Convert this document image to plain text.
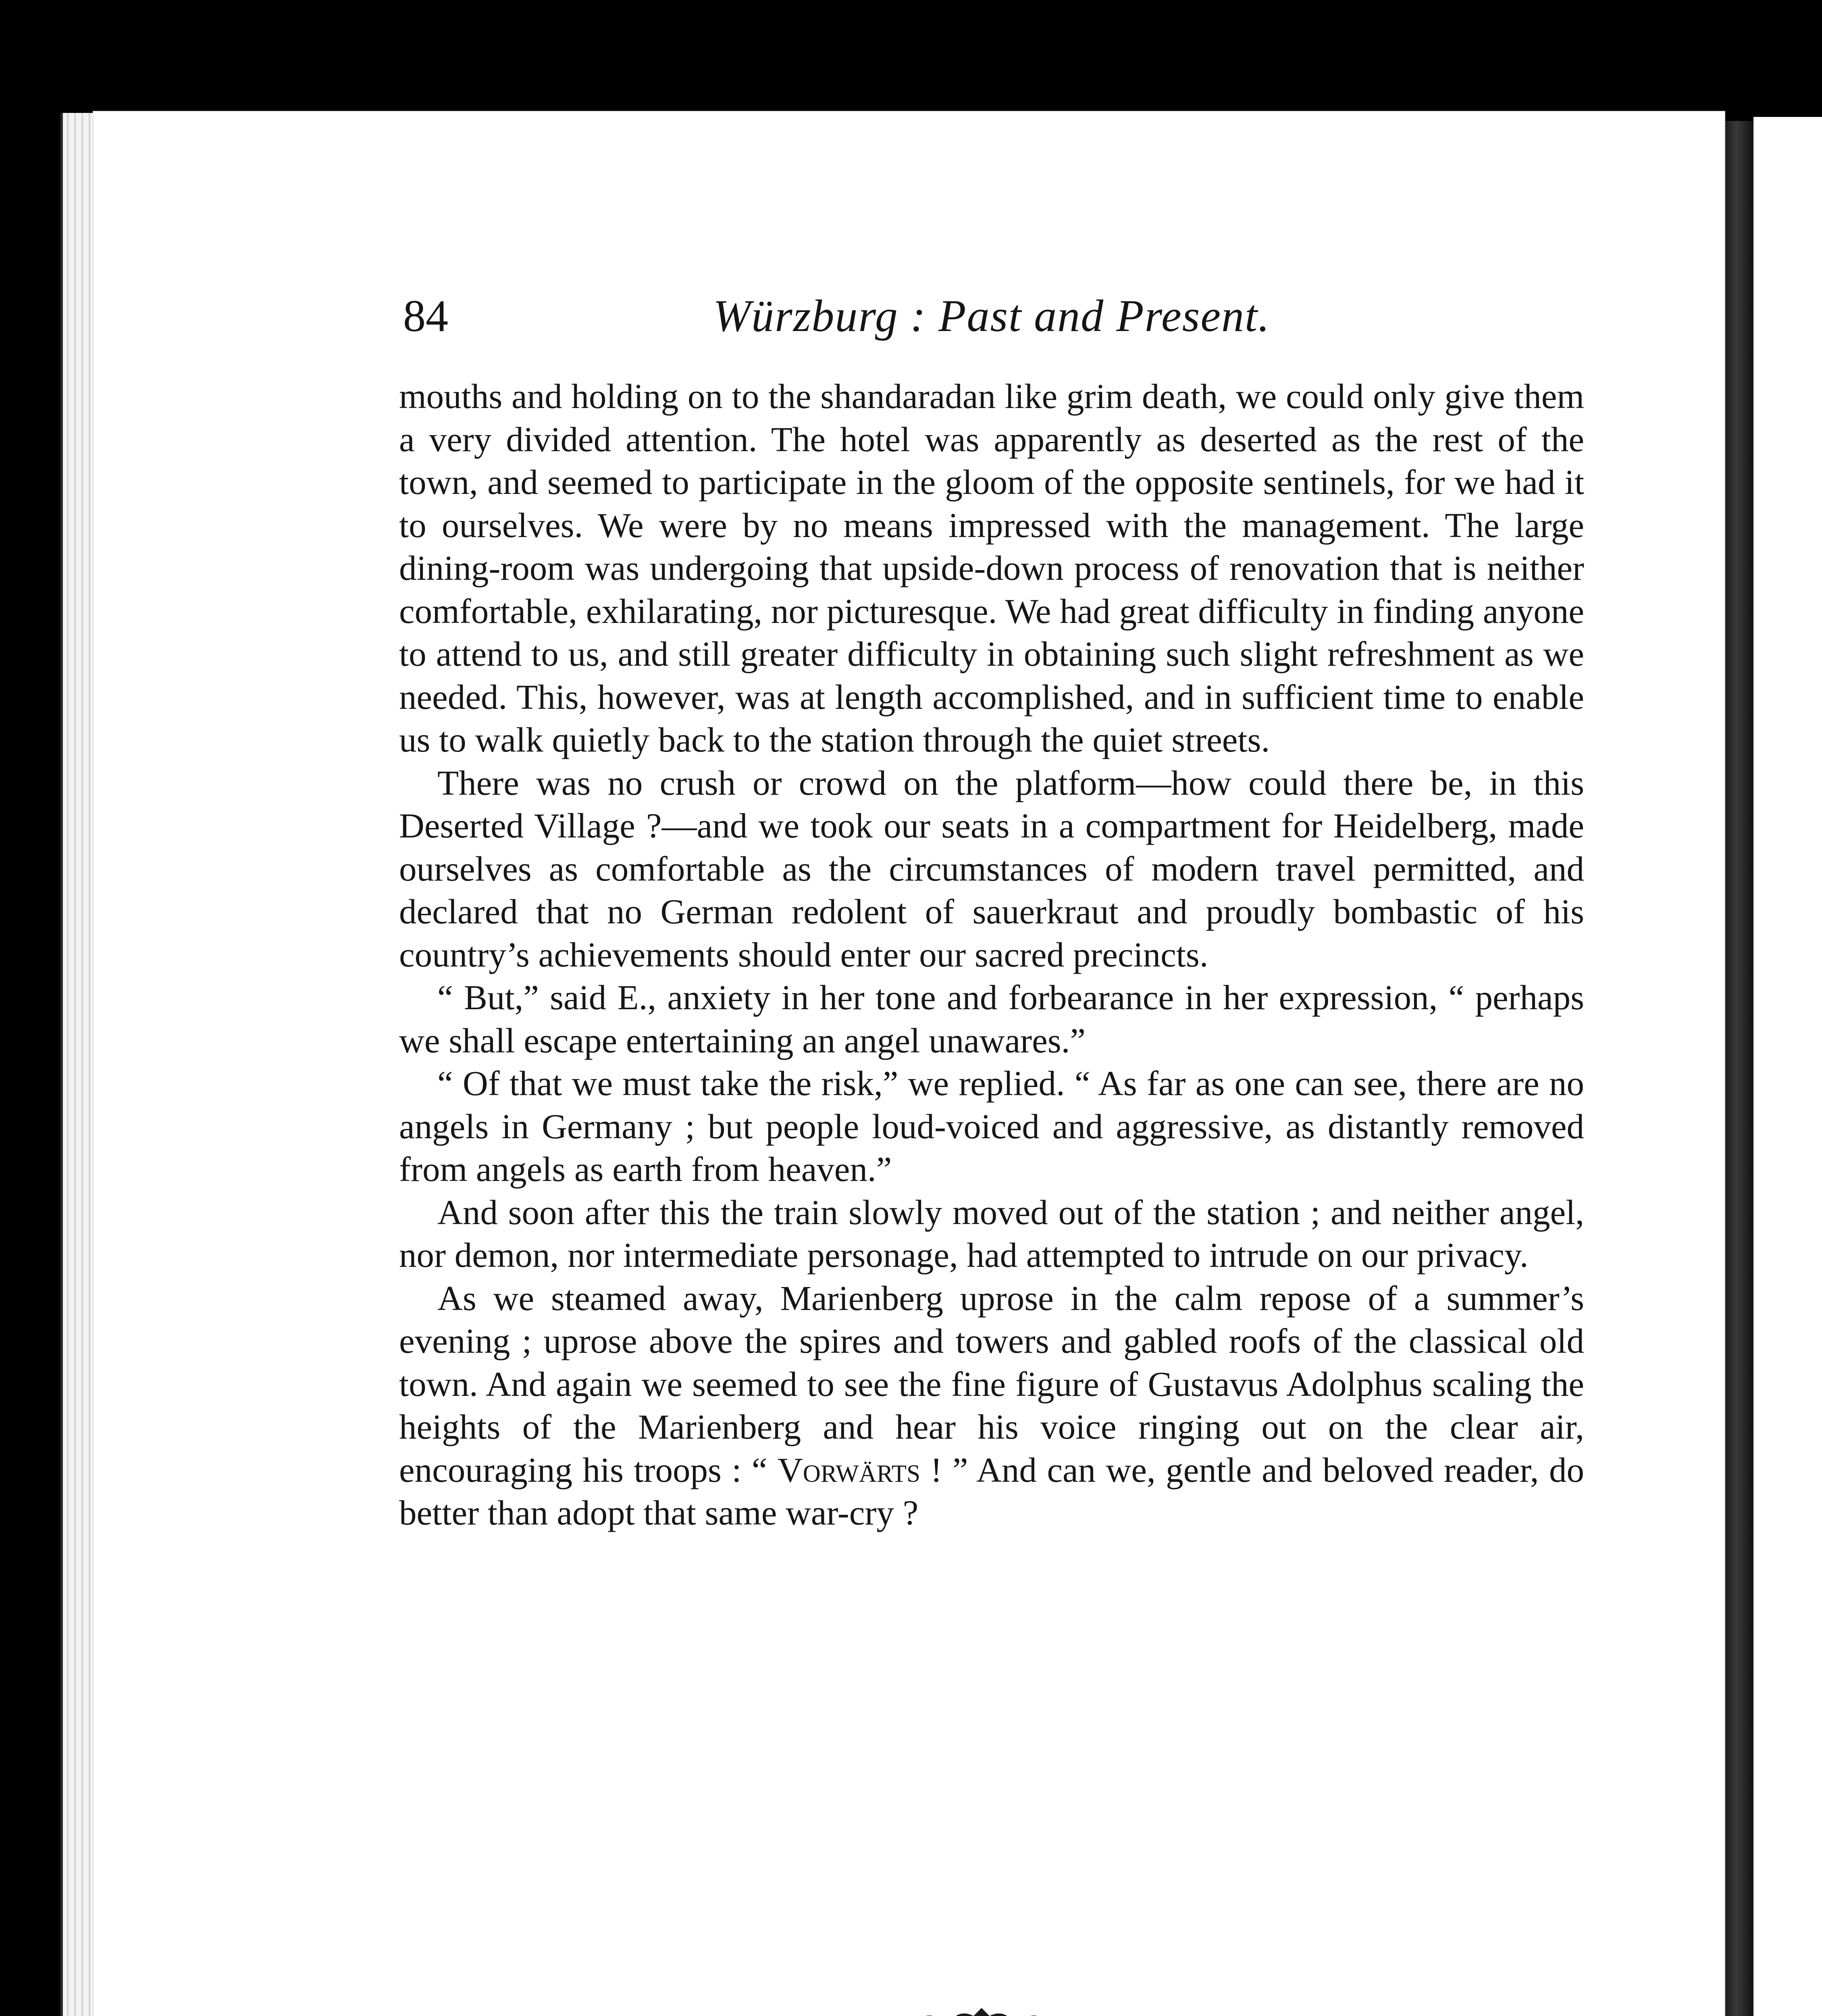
84	Würzburg : Past and Present.

mouths and holding on to the shandaradan like grim death, we could only give them a very divided attention. The hotel was apparently as deserted as the rest of the town, and seemed to participate in the gloom of the opposite sentinels, for we had it to ourselves. We were by no means impressed with the management. The large dining-room was undergoing that upside-down process of renovation that is neither comfortable, exhilarating, nor picturesque. We had great difficulty in finding anyone to attend to us, and still greater difficulty in obtaining such slight refreshment as we needed. This, however, was at length accomplished, and in sufficient time to enable us to walk quietly back to the station through the quiet streets.

There was no crush or crowd on the platform—how could there be, in this Deserted Village ?—and we took our seats in a compartment for Heidelberg, made ourselves as comfortable as the circumstances of modern travel permitted, and declared that no German redolent of sauerkraut and proudly bombastic of his country’s achievements should enter our sacred precincts.

“ But,” said E., anxiety in her tone and forbearance in her expression, “ perhaps we shall escape entertaining an angel unawares.”

“ Of that we must take the risk,” we replied. “ As far as one can see, there are no angels in Germany ; but people loud-voiced and aggressive, as distantly removed from angels as earth from heaven.”

And soon after this the train slowly moved out of the station ; and neither angel, nor demon, nor intermediate personage, had attempted to intrude on our privacy.

As we steamed away, Marienberg uprose in the calm repose of a summer’s evening ; uprose above the spires and towers and gabled roofs of the classical old town. And again we seemed to see the fine figure of Gustavus Adolphus scaling the heights of the Marienberg and hear his voice ringing out on the clear air, encouraging his troops : “ Vorwärts ! ” And can we, gentle and beloved reader, do better than adopt that same war-cry ?
